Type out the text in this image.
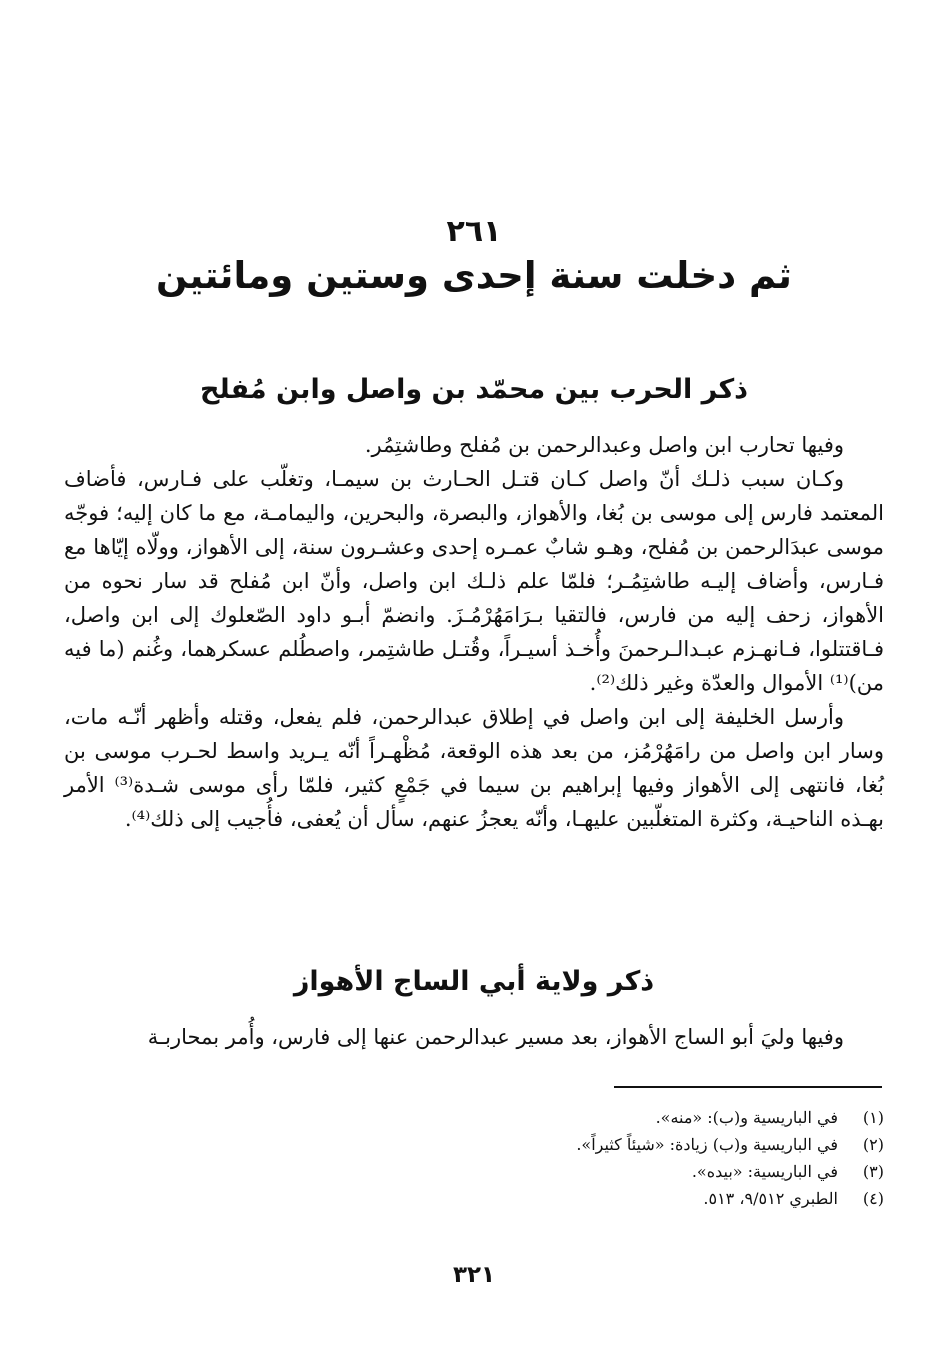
٢٦١
ثم دخلت سنة إحدى وستين ومائتين
ذكر الحرب بين محمّد بن واصل وابن مُفلح

وفيها تحارب ابن واصل وعبدالرحمن بن مُفلح وطاشتِمُر.

وكـان سبب ذلـك أنّ واصل كـان قتـل الحـارث بن سيمـا، وتغلّب على فـارس، فأضاف المعتمد فارس إلى موسى بن بُغا، والأهواز، والبصرة، والبحرين، واليمامـة، مع ما كان إليه؛ فوجّه موسى عبدَالرحمن بن مُفلح، وهـو شابٌ عمـره إحدى وعشـرون سنة، إلى الأهواز، وولّاه إيّاها مع فـارس، وأضاف إليـه طاشتِمُـر؛ فلمّا علم ذلـك ابن واصل، وأنّ ابن مُفلح قد سار نحوه من الأهواز، زحف إليه من فارس، فالتقيا بـرَامَهُرْمُـزَ. وانضمّ أبـو داود الصّعلوك إلى ابن واصل، فـاقتتلوا، فـانهـزم عبـدالـرحمنَ وأُخـذ أسيـراً، وقُتـل طاشتِمر، واصطُلم عسكرهما، وغُنم (ما فيه من)⁽¹⁾ الأموال والعدّة وغير ذلك⁽²⁾.

وأرسل الخليفة إلى ابن واصل في إطلاق عبدالرحمن، فلم يفعل، وقتله وأظهر أنّـه مات، وسار ابن واصل من رامَهُرْمُز، من بعد هذه الوقعة، مُظْهـراً أنّه يـريد واسط لحـرب موسى بن بُغا، فانتهى إلى الأهواز وفيها إبراهيم بن سيما في جَمْعٍ كثير، فلمّا رأى موسى شـدة⁽³⁾ الأمر بهـذه الناحيـة، وكثرة المتغلّبين عليهـا، وأنّه يعجزُ عنهم، سأل أن يُعفى، فأُجيب إلى ذلك⁽⁴⁾.

ذكر ولاية أبي الساج الأهواز

وفيها وليَ أبو الساج الأهواز، بعد مسير عبدالرحمن عنها إلى فارس، وأُمر بمحاربـة

(١)
في الباريسية و(ب): «منه».
(٢)
في الباريسية و(ب) زيادة: «شيئاً كثيراً».
(٣)
في الباريسية: «بيده».
(٤)
الطبري ٩/٥١٢، ٥١٣.
٣٢١
